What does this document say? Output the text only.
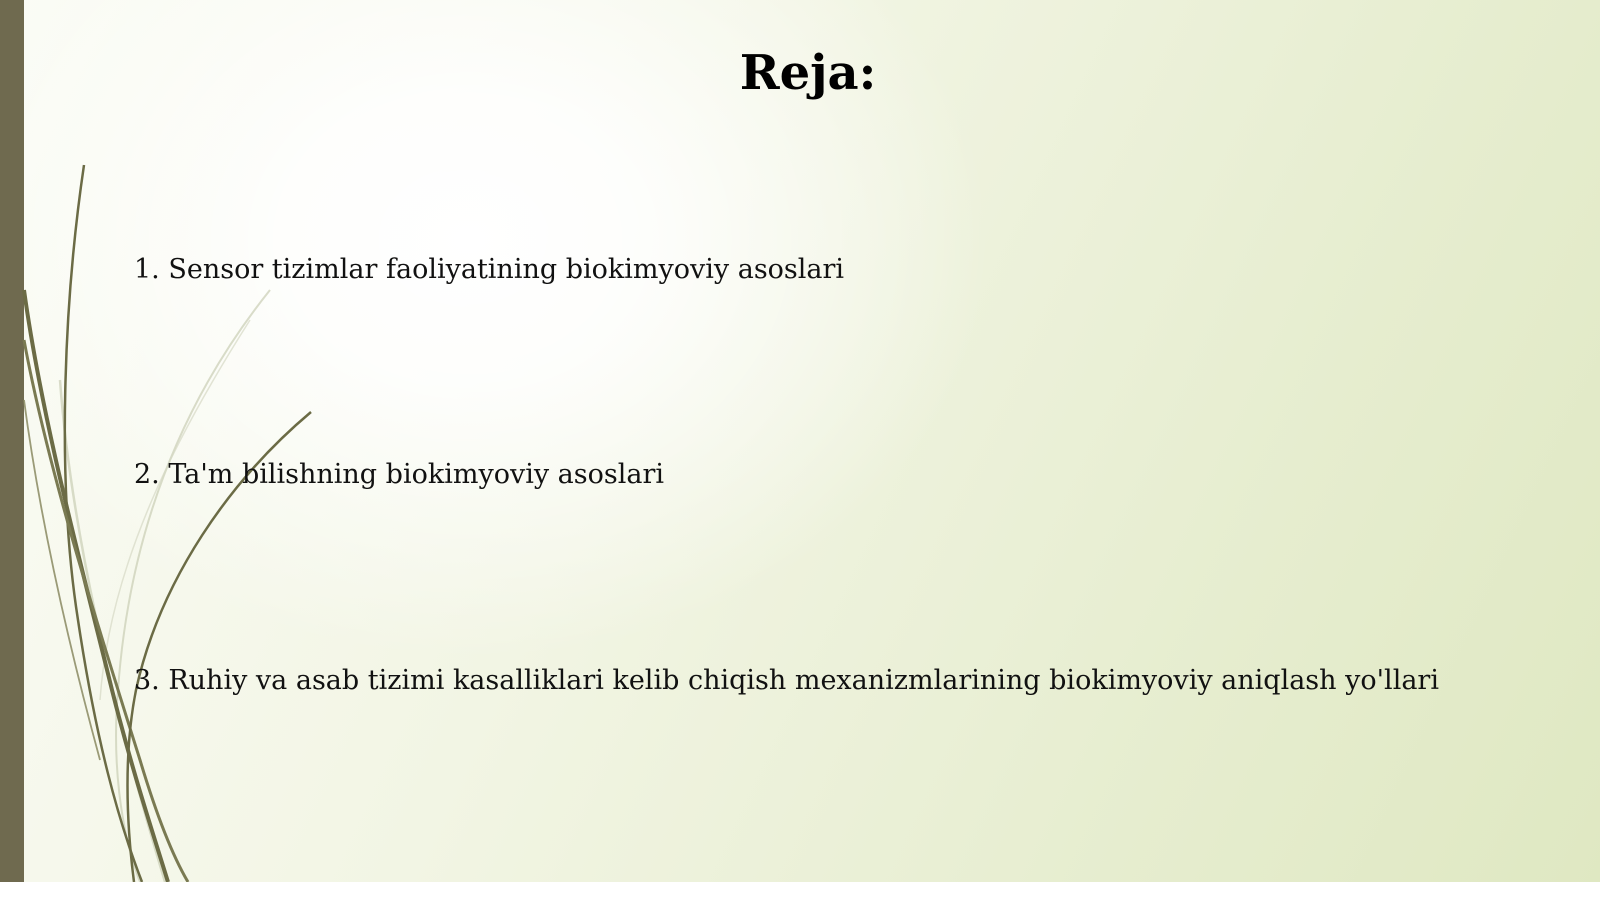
Reja:
1. Sensor tizimlar faoliyatining biokimyoviy asoslari
2. Ta'm bilishning biokimyoviy asoslari
3. Ruhiy va asab tizimi kasalliklari kelib chiqish mexanizmlarining biokimyoviy aniqlash yo'llari
